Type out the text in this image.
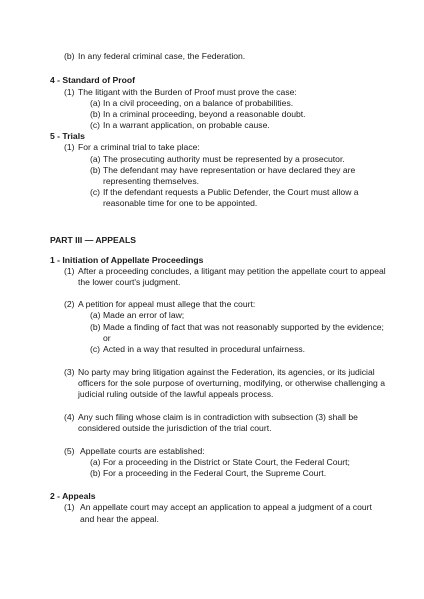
(b) In any federal criminal case, the Federation.
4 - Standard of Proof
(1) The litigant with the Burden of Proof must prove the case:
(a) In a civil proceeding, on a balance of probabilities.
(b) In a criminal proceeding, beyond a reasonable doubt.
(c) In a warrant application, on probable cause.
5 - Trials
(1) For a criminal trial to take place:
(a) The prosecuting authority must be represented by a prosecutor.
(b) The defendant may have representation or have declared they are
representing themselves.
(c) If the defendant requests a Public Defender, the Court must allow a
reasonable time for one to be appointed.
PART III — APPEALS
1 - Initiation of Appellate Proceedings
(1) After a proceeding concludes, a litigant may petition the appellate court to appeal
the lower court's judgment.
(2) A petition for appeal must allege that the court:
(a) Made an error of law;
(b) Made a finding of fact that was not reasonably supported by the evidence;
or
(c) Acted in a way that resulted in procedural unfairness.
(3) No party may bring litigation against the Federation, its agencies, or its judicial
officers for the sole purpose of overturning, modifying, or otherwise challenging a
judicial ruling outside of the lawful appeals process.
(4) Any such filing whose claim is in contradiction with subsection (3) shall be
considered outside the jurisdiction of the trial court.
(5) Appellate courts are established:
(a) For a proceeding in the District or State Court, the Federal Court;
(b) For a proceeding in the Federal Court, the Supreme Court.
2 - Appeals
(1) An appellate court may accept an application to appeal a judgment of a court
and hear the appeal.
